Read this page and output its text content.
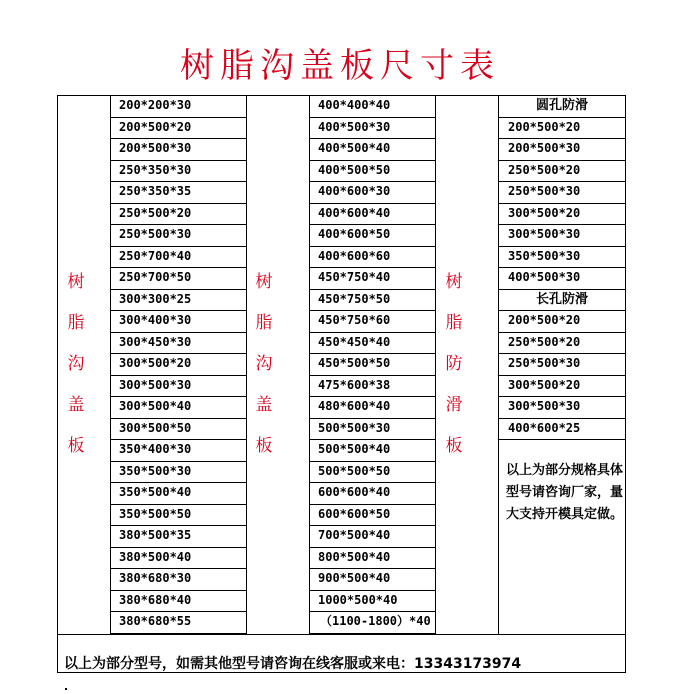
树脂沟盖板尺寸表
200*200*30
200*500*20
200*500*30
250*350*30
250*350*35
250*500*20
250*500*30
250*700*40
250*700*50
300*300*25
300*400*30
300*450*30
300*500*20
300*500*30
300*500*40
300*500*50
350*400*30
350*500*30
350*500*40
350*500*50
380*500*35
380*500*40
380*680*30
380*680*40
380*680*55
400*400*40
400*500*30
400*500*40
400*500*50
400*600*30
400*600*40
400*600*50
400*600*60
450*750*40
450*750*50
450*750*60
450*450*40
450*500*50
475*600*38
480*600*40
500*500*30
500*500*40
500*500*50
600*600*40
600*600*50
700*500*40
800*500*40
900*500*40
1000*500*40
（1100-1800）*40
圆孔防滑
200*500*20
200*500*30
250*500*20
250*500*30
300*500*20
300*500*30
350*500*30
400*500*30
长孔防滑
200*500*20
250*500*20
250*500*30
300*500*20
300*500*30
400*600*25
树
脂
沟
盖
板
树
脂
沟
盖
板
树
脂
防
滑
板
以上为部分规格具体型号请咨询厂家，量大支持开模具定做。
以上为部分型号，如需其他型号请咨询在线客服或来电：13343173974
